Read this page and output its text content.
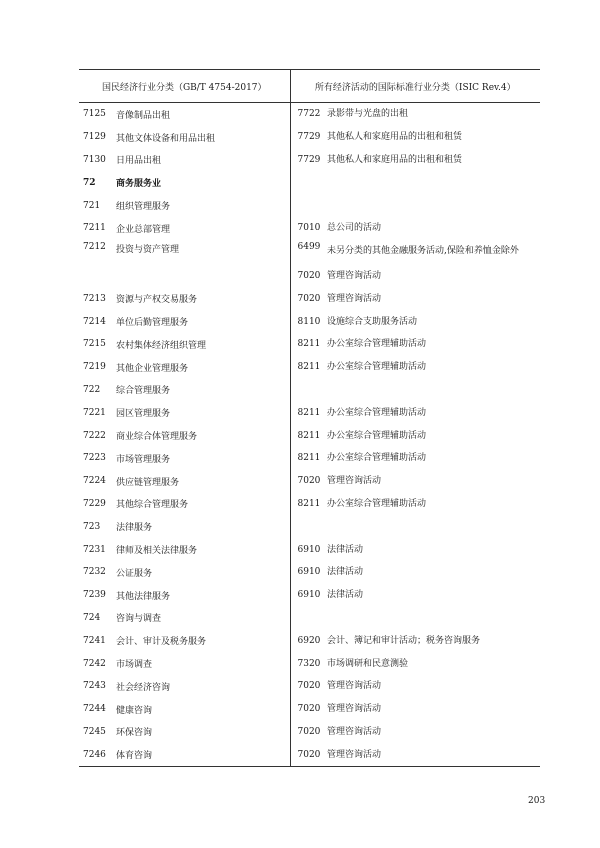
国民经济行业分类（GB/T 4754-2017）		所有经济活动的国际标准行业分类（ISIC Rev.4）	
7125	音像制品出租	7722	录影带与光盘的出租
7129	其他文体设备和用品出租	7729	其他私人和家庭用品的出租和租赁
7130	日用品出租	7729	其他私人和家庭用品的出租和租赁
72	商务服务业		
721	组织管理服务		
7211	企业总部管理	7010	总公司的活动
7212	投资与资产管理	6499	未另分类的其他金融服务活动,保险和养恤金除外
		7020	管理咨询活动
7213	资源与产权交易服务	7020	管理咨询活动
7214	单位后勤管理服务	8110	设施综合支助服务活动
7215	农村集体经济组织管理	8211	办公室综合管理辅助活动
7219	其他企业管理服务	8211	办公室综合管理辅助活动
722	综合管理服务		
7221	园区管理服务	8211	办公室综合管理辅助活动
7222	商业综合体管理服务	8211	办公室综合管理辅助活动
7223	市场管理服务	8211	办公室综合管理辅助活动
7224	供应链管理服务	7020	管理咨询活动
7229	其他综合管理服务	8211	办公室综合管理辅助活动
723	法律服务		
7231	律师及相关法律服务	6910	法律活动
7232	公证服务	6910	法律活动
7239	其他法律服务	6910	法律活动
724	咨询与调查		
7241	会计、审计及税务服务	6920	会计、簿记和审计活动；税务咨询服务
7242	市场调查	7320	市场调研和民意测验
7243	社会经济咨询	7020	管理咨询活动
7244	健康咨询	7020	管理咨询活动
7245	环保咨询	7020	管理咨询活动
7246	体育咨询	7020	管理咨询活动
203
